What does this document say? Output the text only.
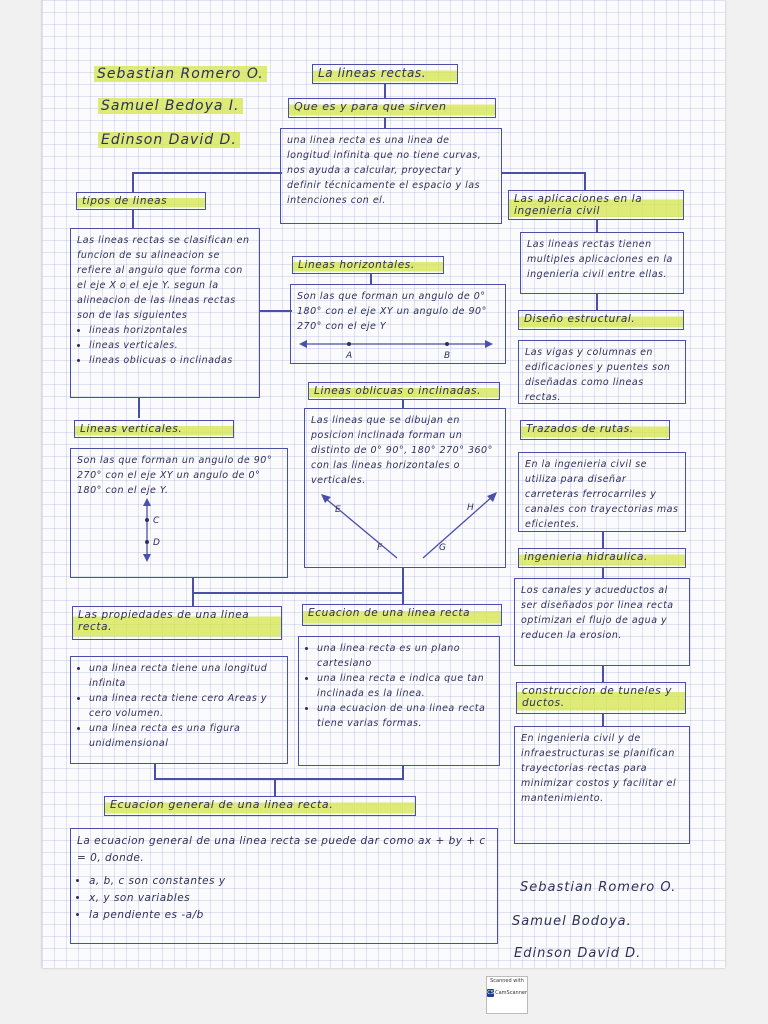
Sebastian Romero O.
Samuel Bedoya I.
Edinson David D.
La lineas rectas.
Que es y para que sirven
una linea recta es una linea de longitud infinita que no tiene curvas, nos ayuda a calcular, proyectar y definir técnicamente el espacio y las intenciones con el.
tipos de lineas
Las lineas rectas se clasifican en funcion de su alineacion se refiere al angulo que forma con el eje X o el eje Y. segun la alineacion de las lineas rectas son de las siguientes
• lineas horizontales
• lineas verticales.
• lineas oblicuas o inclinadas
Lineas horizontales.
Son las que forman un angulo de 0° 180° con el eje XY un angulo de 90° 270° con el eje Y
A	B
Lineas verticales.
Son las que forman un angulo de 90° 270° con el eje XY un angulo de 0° 180° con el eje Y.
C
D
Lineas oblicuas o inclinadas.
Las lineas que se dibujan en posicion inclinada forman un distinto de 0° 90°, 180° 270° 360° con las lineas horizontales o verticales.
E
F	G
H
Las aplicaciones en la ingenieria civil
Las lineas rectas tienen multiples aplicaciones en la ingenieria civil entre ellas.
Diseño estructural.
Las vigas y columnas en edificaciones y puentes son diseñadas como lineas rectas.
Trazados de rutas.
En la ingenieria civil se utiliza para diseñar carreteras ferrocarriles y canales con trayectorias mas eficientes.
ingenieria hidraulica.
Los canales y acueductos al ser diseñados por linea recta optimizan el flujo de agua y reducen la erosion.
construccion de tuneles y ductos.
En ingenieria civil y de infraestructuras se planifican trayectorias rectas para minimizar costos y facilitar el mantenimiento.
Las propiedades de una linea recta.
• una linea recta tiene una longitud infinita
• una linea recta tiene cero Areas y cero volumen.
• una linea recta es una figura unidimensional
Ecuacion de una linea recta
• una linea recta es un plano cartesiano
• una linea recta e indica que tan inclinada es la linea.
• una ecuacion de una linea recta tiene varias formas.
Ecuacion general de una linea recta.
La ecuacion general de una linea recta se puede dar como ax + by + c = 0, donde.
• a, b, c son constantes y
• x, y son variables
• la pendiente es -a/b
Sebastian Romero O.
Samuel Bodoya.
Edinson David D.
Scanned with
CS CamScanner
